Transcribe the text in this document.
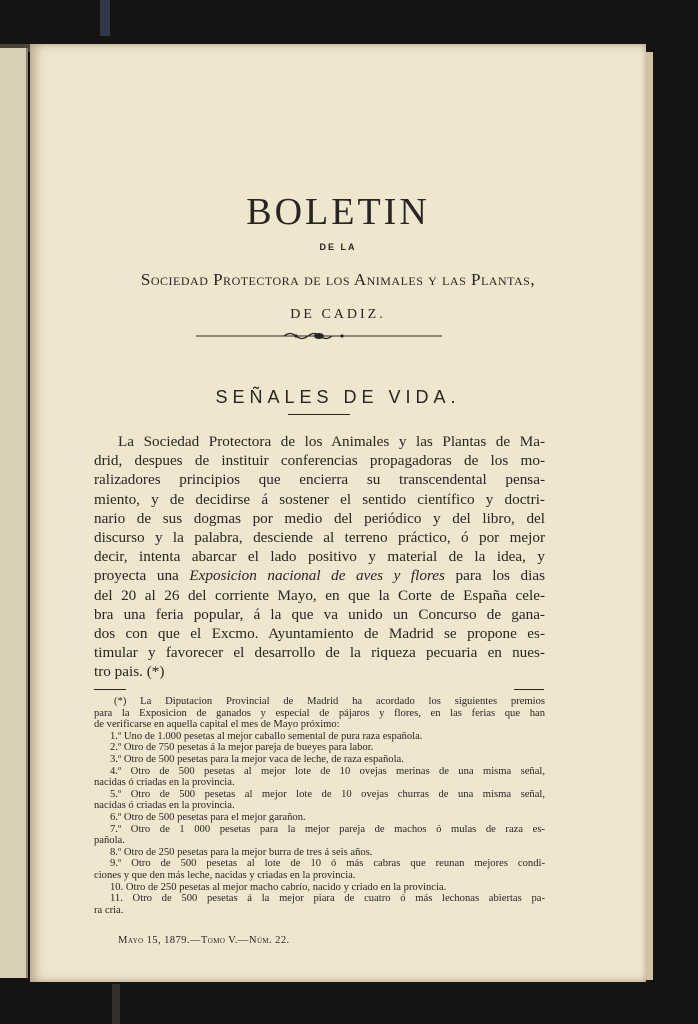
BOLETIN
DE LA
Sociedad Protectora de los Animales y las Plantas,
DE CADIZ.
SEÑALES DE VIDA.
La Sociedad Protectora de los Animales y las Plantas de Ma-
drid, despues de instituir conferencias propagadoras de los mo-
ralizadores principios que encierra su transcendental pensa-
miento, y de decidirse á sostener el sentido científico y doctri-
nario de sus dogmas por medio del periódico y del libro, del
discurso y la palabra, desciende al terreno práctico, ó por mejor
decir, intenta abarcar el lado positivo y material de la idea, y
proyecta una Exposicion nacional de aves y flores para los dias
del 20 al 26 del corriente Mayo, en que la Corte de España cele-
bra una feria popular, á la que va unido un Concurso de gana-
dos con que el Excmo. Ayuntamiento de Madrid se propone es-
timular y favorecer el desarrollo de la riqueza pecuaria en nues-
tro pais. (*)
(*) La Diputacion Provincial de Madrid ha acordado los siguientes premios
para la Exposicion de ganados y especial de pájaros y flores, en las ferias que han
de verificarse en aquella capital el mes de Mayo próximo:
1.º Uno de 1.000 pesetas al mejor caballo semental de pura raza española.
2.º Otro de 750 pesetas á la mejor pareja de bueyes para labor.
3.º Otro de 500 pesetas para la mejor vaca de leche, de raza española.
4.º Otro de 500 pesetas al mejor lote de 10 ovejas merinas de una misma señal,
nacidas ó criadas en la provincia.
5.º Otro de 500 pesetas al mejor lote de 10 ovejas churras de una misma señal,
nacidas ó criadas en la provincia.
6.º Otro de 500 pesetas para el mejor garañon.
7.º Otro de 1 000 pesetas para la mejor pareja de machos ó mulas de raza es-
pañola.
8.º Otro de 250 pesetas para la mejor burra de tres á seis años.
9.º Otro de 500 pesetas al lote de 10 ó más cabras que reunan mejores condi-
ciones y que den más leche, nacidas y criadas en la provincia.
10. Otro de 250 pesetas al mejor macho cabrío, nacido y criado en la provincia.
11. Otro de 500 pesetas á la mejor piara de cuatro ó más lechonas abiertas pa-
ra cria.
Mayo 15, 1879.—Tomo V.—Núm. 22.
